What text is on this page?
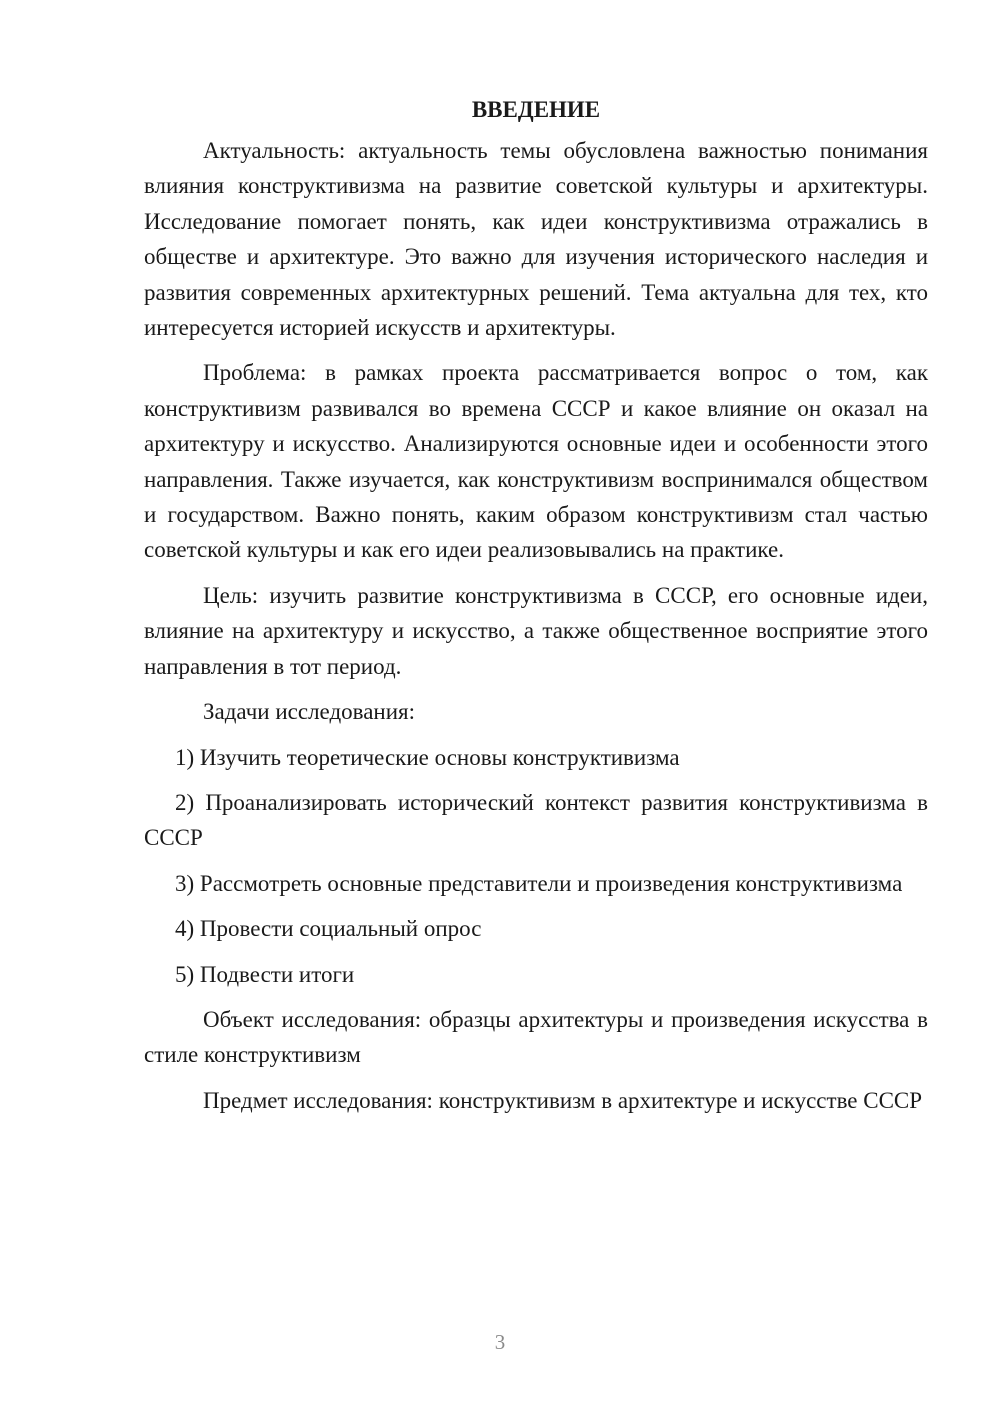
ВВЕДЕНИЕ

Актуальность: актуальность темы обусловлена важностью понимания влияния конструктивизма на развитие советской культуры и архитектуры. Исследование помогает понять, как идеи конструктивизма отражались в обществе и архитектуре. Это важно для изучения исторического наследия и развития современных архитектурных решений. Тема актуальна для тех, кто интересуется историей искусств и архитектуры.

Проблема: в рамках проекта рассматривается вопрос о том, как конструктивизм развивался во времена СССР и какое влияние он оказал на архитектуру и искусство. Анализируются основные идеи и особенности этого направления. Также изучается, как конструктивизм воспринимался обществом и государством. Важно понять, каким образом конструктивизм стал частью советской культуры и как его идеи реализовывались на практике.

Цель: изучить развитие конструктивизма в СССР, его основные идеи, влияние на архитектуру и искусство, а также общественное восприятие этого направления в тот период.

Задачи исследования:

1) Изучить теоретические основы конструктивизма

2) Проанализировать исторический контекст развития конструктивизма в СССР

3) Рассмотреть основные представители и произведения конструктивизма

4) Провести социальный опрос

5) Подвести итоги

Объект исследования: образцы архитектуры и произведения искусства в стиле конструктивизм

Предмет исследования: конструктивизм в архитектуре и искусстве СССР

3
